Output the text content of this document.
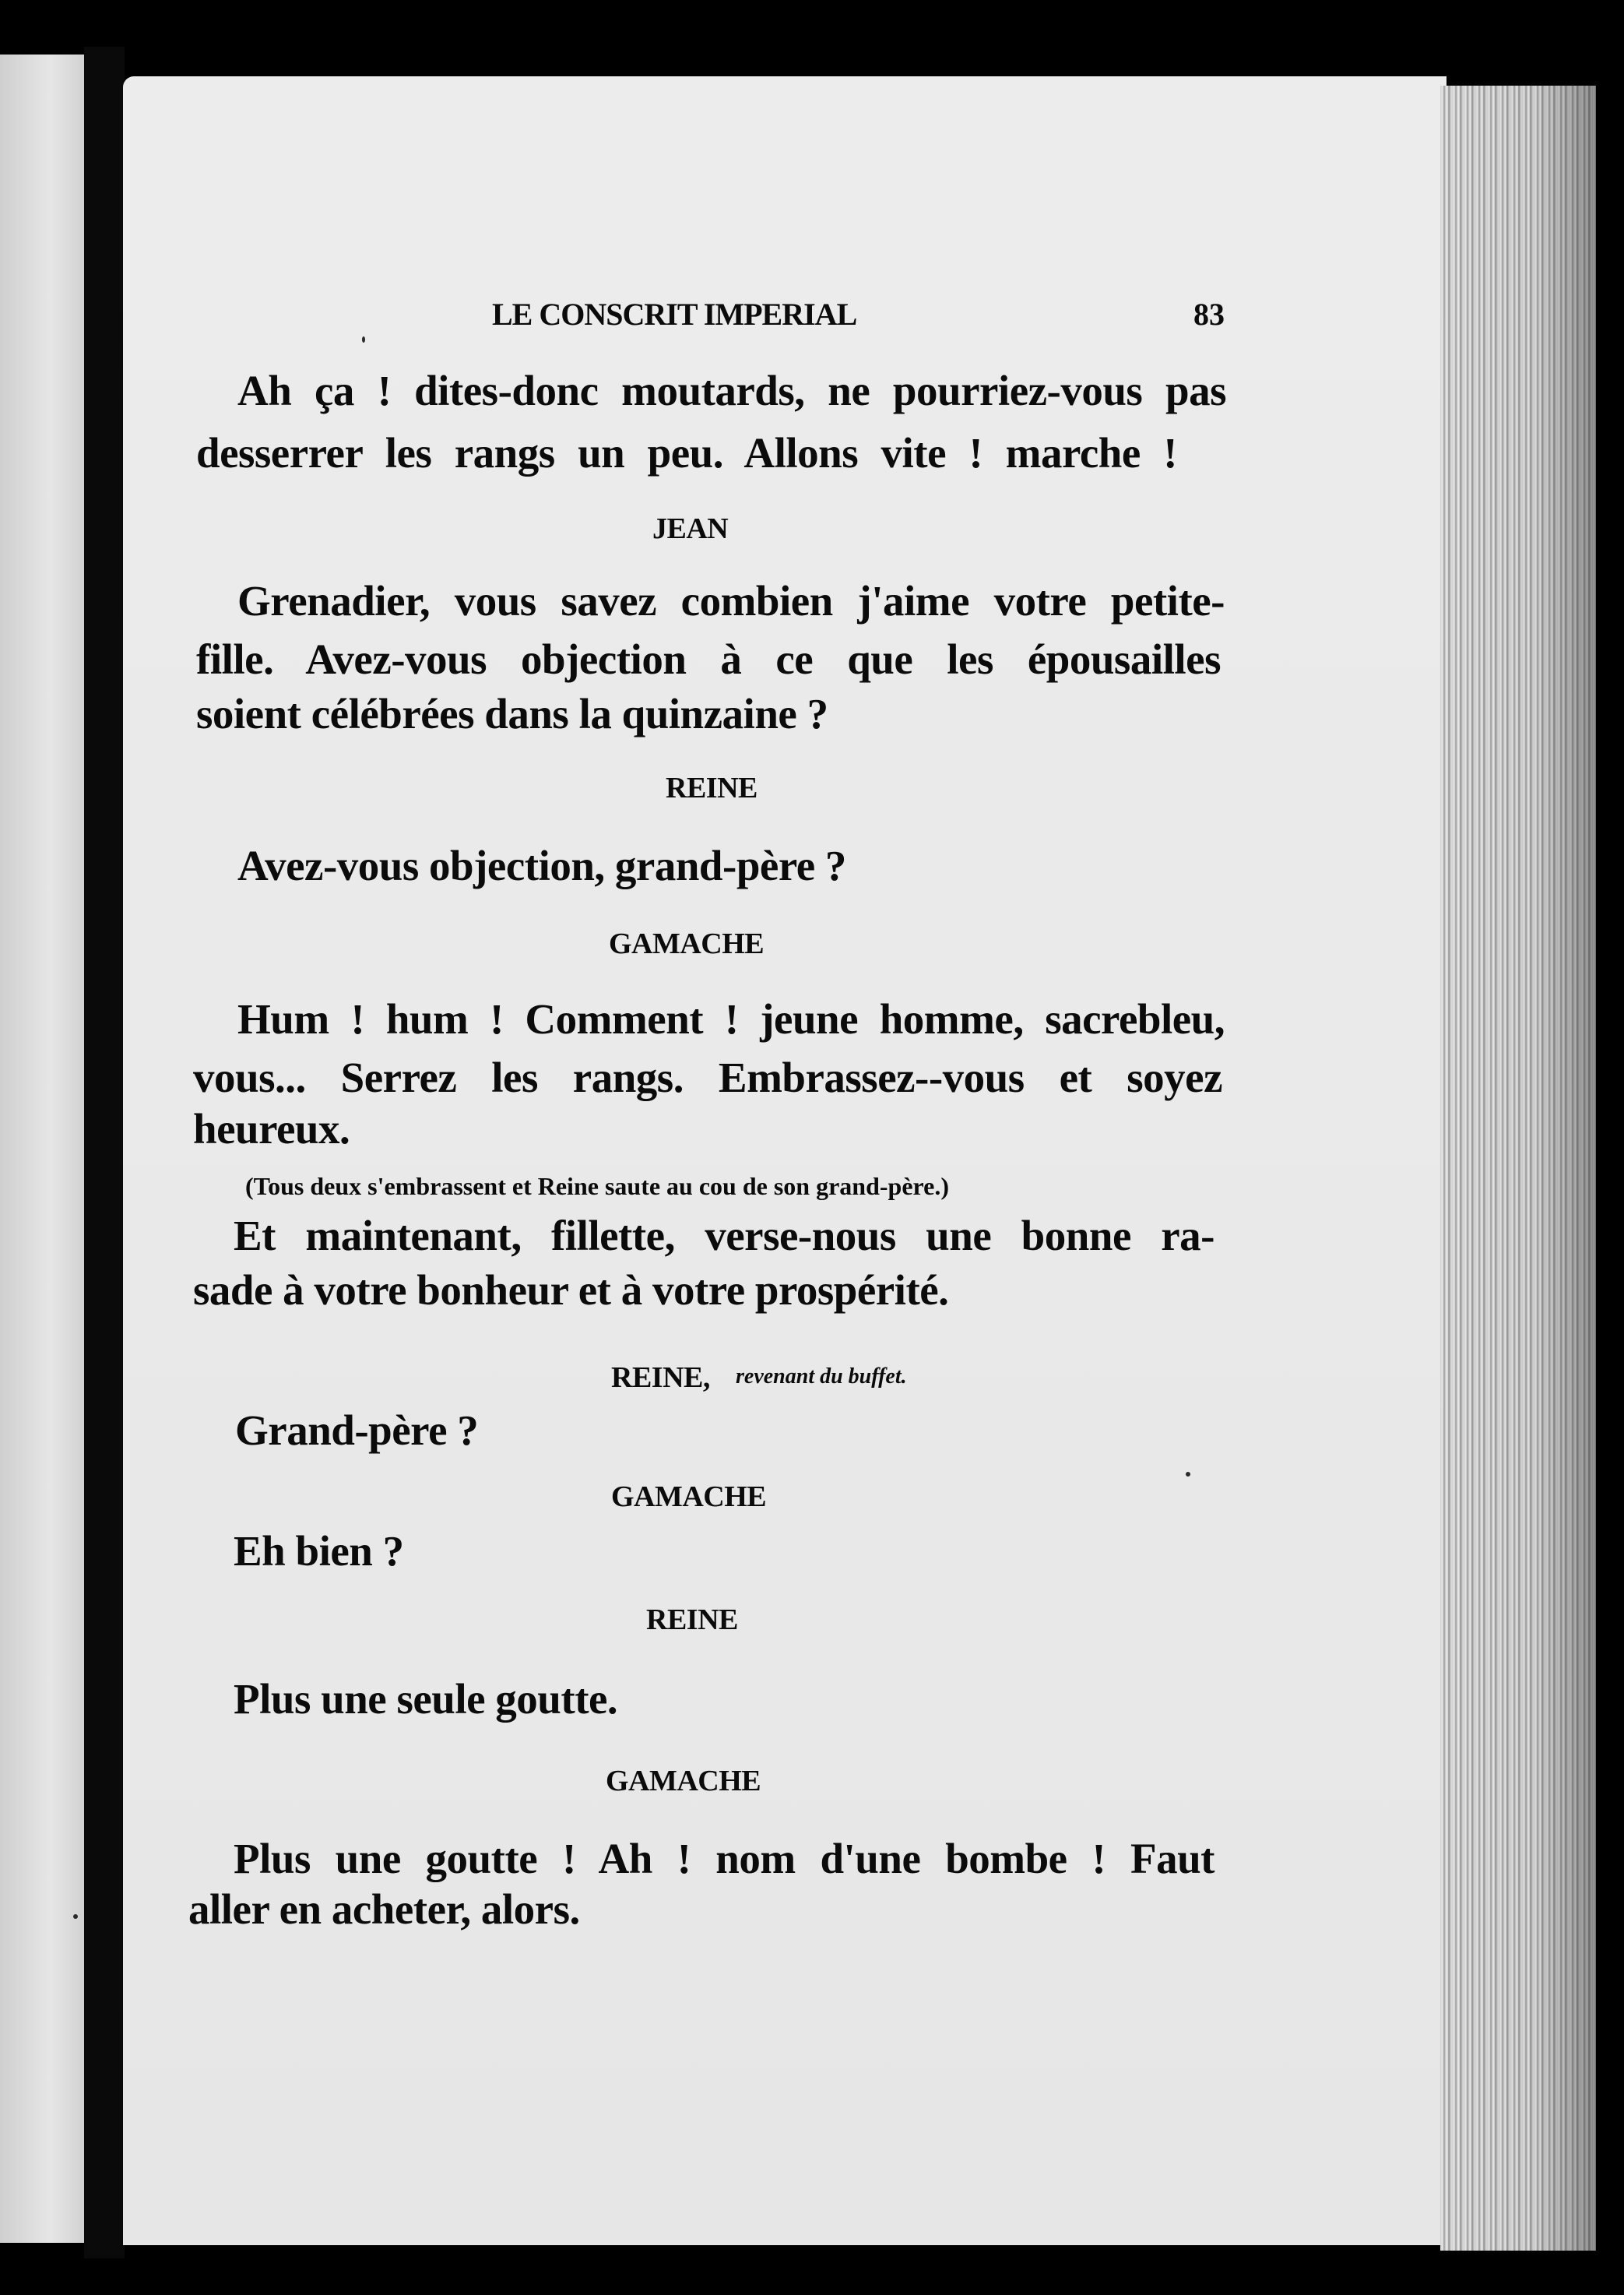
LE CONSCRIT IMPERIAL	83
Ah ça ! dites-donc moutards, ne pourriez-vous pas
desserrer les rangs un peu. Allons vite ! marche !
JEAN
Grenadier, vous savez combien j'aime votre petite-
fille. Avez-vous objection à ce que les épousailles
soient célébrées dans la quinzaine ?
REINE
Avez-vous objection, grand-père ?
GAMACHE
Hum ! hum ! Comment ! jeune homme, sacrebleu,
vous... Serrez les rangs. Embrassez--vous et soyez
heureux.
(Tous deux s'embrassent et Reine saute au cou de son grand-père.)
Et maintenant, fillette, verse-nous une bonne ra-
sade à votre bonheur et à votre prospérité.
REINE, revenant du buffet.
Grand-père ?
GAMACHE
Eh bien ?
REINE
Plus une seule goutte.
GAMACHE
Plus une goutte ! Ah ! nom d'une bombe ! Faut
aller en acheter, alors.
